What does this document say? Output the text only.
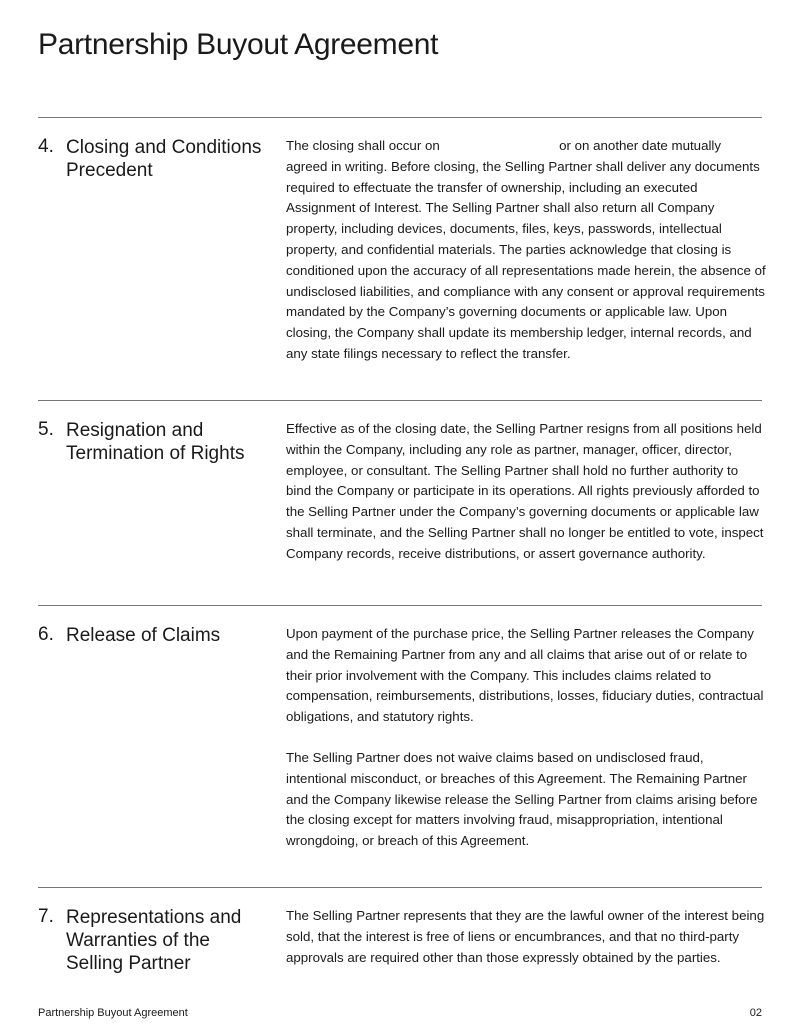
Partnership Buyout Agreement
4. Closing and Conditions Precedent
The closing shall occur on	or on another date mutually agreed in writing. Before closing, the Selling Partner shall deliver any documents required to effectuate the transfer of ownership, including an executed Assignment of Interest. The Selling Partner shall also return all Company property, including devices, documents, files, keys, passwords, intellectual property, and confidential materials. The parties acknowledge that closing is conditioned upon the accuracy of all representations made herein, the absence of undisclosed liabilities, and compliance with any consent or approval requirements mandated by the Company’s governing documents or applicable law. Upon closing, the Company shall update its membership ledger, internal records, and any state filings necessary to reflect the transfer.
5. Resignation and Termination of Rights

Effective as of the closing date, the Selling Partner resigns from all positions held within the Company, including any role as partner, manager, officer, director, employee, or consultant. The Selling Partner shall hold no further authority to bind the Company or participate in its operations. All rights previously afforded to the Selling Partner under the Company’s governing documents or applicable law shall terminate, and the Selling Partner shall no longer be entitled to vote, inspect Company records, receive distributions, or assert governance authority.

6. Release of Claims	Upon payment of the purchase price, the Selling Partner releases the Company and the Remaining Partner from any and all claims that arise out of or relate to their prior involvement with the Company. This includes claims related to compensation, reimbursements, distributions, losses, fiduciary duties, contractual obligations, and statutory rights.

The Selling Partner does not waive claims based on undisclosed fraud, intentional misconduct, or breaches of this Agreement. The Remaining Partner and the Company likewise release the Selling Partner from claims arising before the closing except for matters involving fraud, misappropriation, intentional wrongdoing, or breach of this Agreement.

7. Representations and Warranties of the Selling Partner

The Selling Partner represents that they are the lawful owner of the interest being sold, that the interest is free of liens or encumbrances, and that no third-party approvals are required other than those expressly obtained by the parties.

Partnership Buyout Agreement	02
